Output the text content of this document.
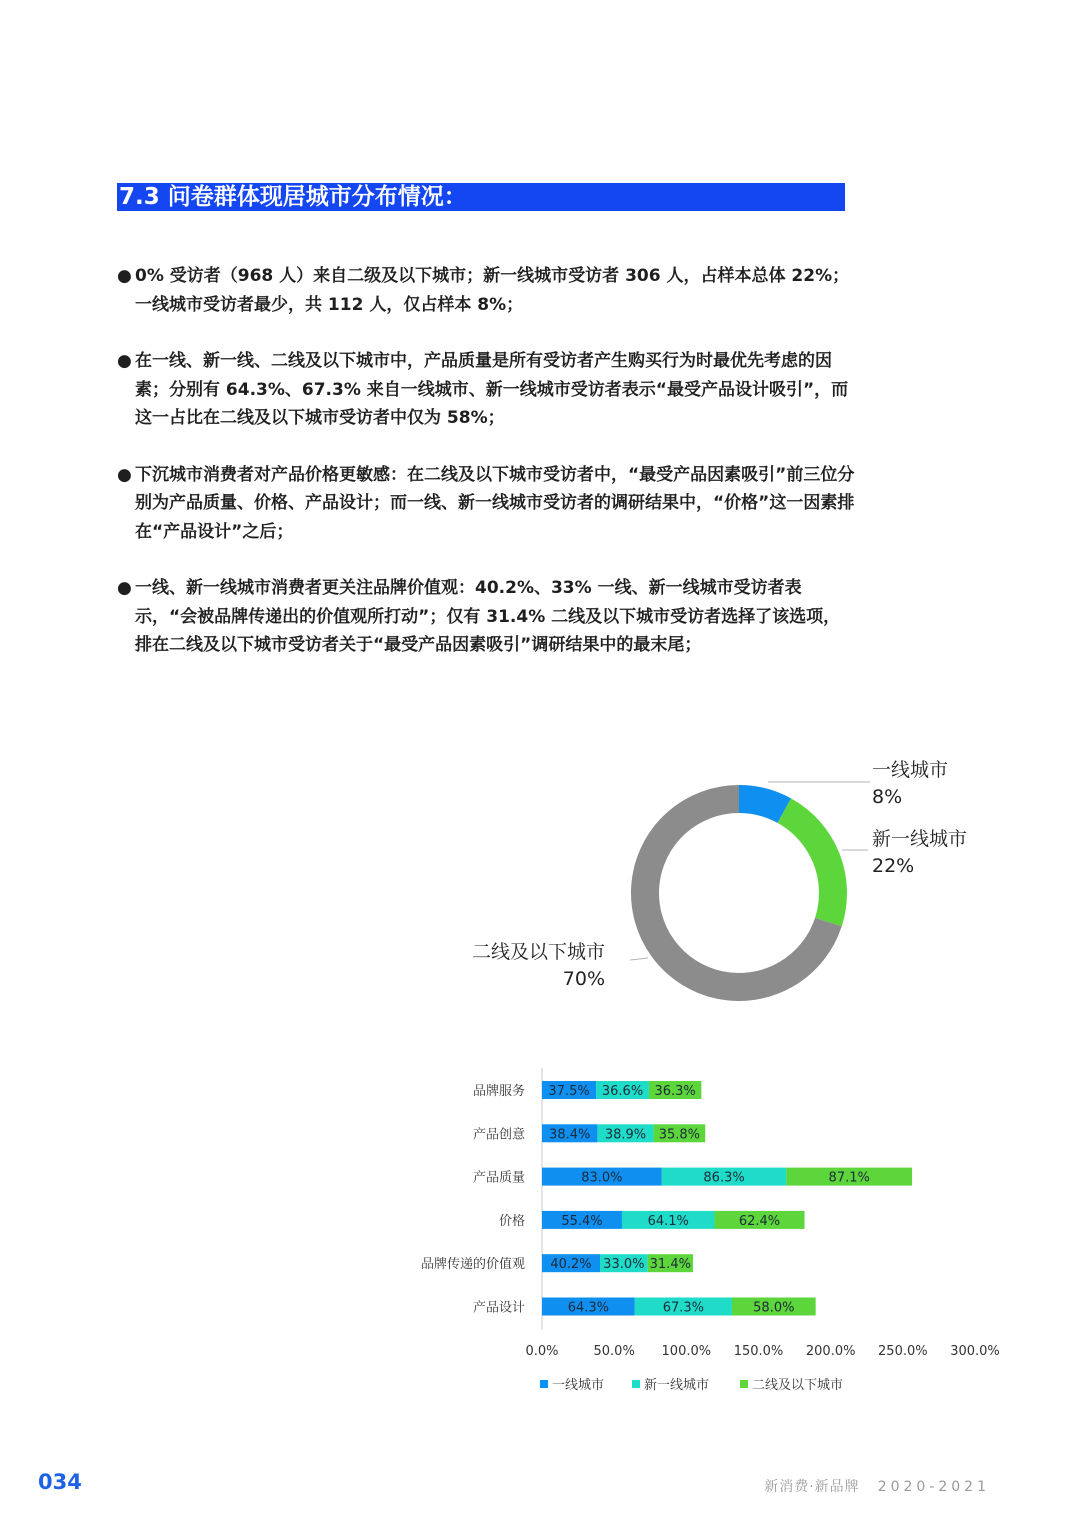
7.3 问卷群体现居城市分布情况：
● 0% 受访者（968 人）来自二级及以下城市；新一线城市受访者 306 人，占样本总体 22%；一线城市受访者最少，共 112 人，仅占样本 8%；
● 在一线、新一线、二线及以下城市中，产品质量是所有受访者产生购买行为时最优先考虑的因素；分别有 64.3%、67.3% 来自一线城市、新一线城市受访者表示“最受产品设计吸引”，而这一占比在二线及以下城市受访者中仅为 58%；
● 下沉城市消费者对产品价格更敏感：在二线及以下城市受访者中，“最受产品因素吸引”前三位分别为产品质量、价格、产品设计；而一线、新一线城市受访者的调研结果中，“价格”这一因素排在“产品设计”之后；
● 一线、新一线城市消费者更关注品牌价值观：40.2%、33% 一线、新一线城市受访者表示，“会被品牌传递出的价值观所打动”；仅有 31.4% 二线及以下城市受访者选择了该选项，排在二线及以下城市受访者关于“最受产品因素吸引”调研结果中的最末尾；
一线城市
8%
新一线城市
22%
二线及以下城市
70%
品牌服务 37.5% 36.6% 36.3%
产品创意 38.4% 38.9% 35.8%
产品质量	83.0%	86.3%	87.1%
价格	55.4%	64.1%	62.4%
品牌传递的价值观 40.2% 33.0% 31.4%
产品设计	64.3%	67.3%	58.0%
0.0%	50.0% 100.0% 150.0% 200.0% 250.0% 300.0%
一线城市	新一线城市	二线及以下城市
034	新消费·新品牌 2020-2021
